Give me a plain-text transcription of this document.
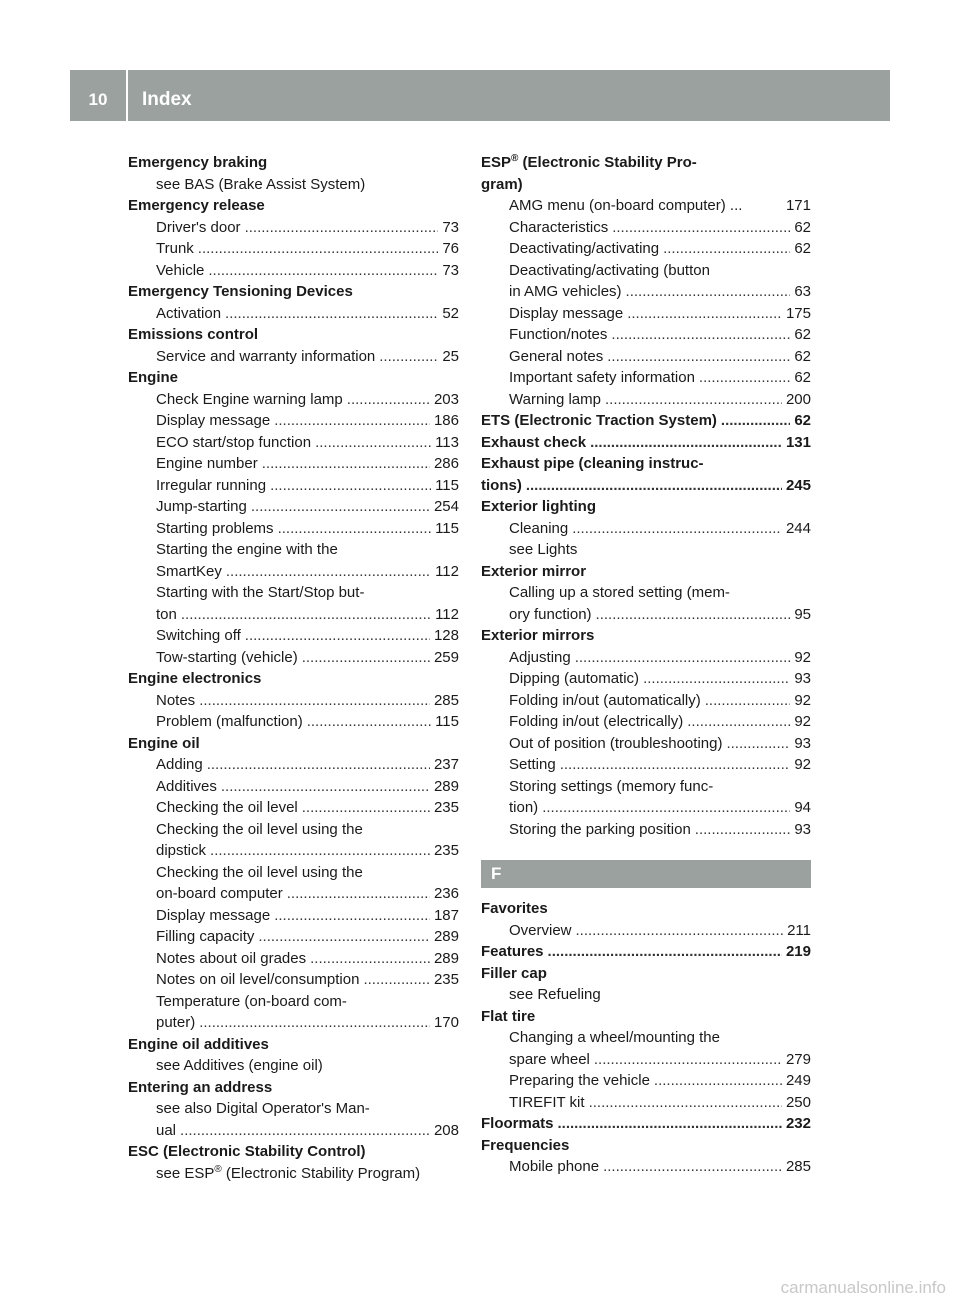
10	Index
Emergency braking
see BAS (Brake Assist System)
Emergency release
Driver's door .....	73
Trunk .....	76
Vehicle .....	73
Emergency Tensioning Devices
Activation .....	52
Emissions control
Service and warranty information .....	25
Engine
Check Engine warning lamp .....	203
Display message .....	186
ECO start/stop function .....	113
Engine number .....	286
Irregular running .....	115
Jump-starting .....	254
Starting problems .....	115
Starting the engine with the
SmartKey .....	112
Starting with the Start/Stop but-
ton .....	112
Switching off .....	128
Tow-starting (vehicle) .....	259
Engine electronics
Notes .....	285
Problem (malfunction) .....	115
Engine oil
Adding .....	237
Additives .....	289
Checking the oil level .....	235
Checking the oil level using the
dipstick .....	235
Checking the oil level using the
on-board computer .....	236
Display message .....	187
Filling capacity .....	289
Notes about oil grades .....	289
Notes on oil level/consumption .....	235
Temperature (on-board com-
puter) .....	170
Engine oil additives
see Additives (engine oil)
Entering an address
see also Digital Operator's Man-
ual .....	208
ESC (Electronic Stability Control)
see ESP® (Electronic Stability Program)
ESP® (Electronic Stability Pro-
gram)
AMG menu (on-board computer) ...	171
Characteristics .....	62
Deactivating/activating .....	62
Deactivating/activating (button
in AMG vehicles) .....	63
Display message .....	175
Function/notes .....	62
General notes .....	62
Important safety information .....	62
Warning lamp .....	200
ETS (Electronic Traction System) .....	62
Exhaust check .....	131
Exhaust pipe (cleaning instruc-
tions) .....	245
Exterior lighting
Cleaning .....	244
see Lights
Exterior mirror
Calling up a stored setting (mem-
ory function) .....	95
Exterior mirrors
Adjusting .....	92
Dipping (automatic) .....	93
Folding in/out (automatically) .....	92
Folding in/out (electrically) .....	92
Out of position (troubleshooting) .....	93
Setting .....	92
Storing settings (memory func-
tion) .....	94
Storing the parking position .....	93
F
Favorites
Overview .....	211
Features .....	219
Filler cap
see Refueling
Flat tire
Changing a wheel/mounting the
spare wheel .....	279
Preparing the vehicle .....	249
TIREFIT kit .....	250
Floormats .....	232
Frequencies
Mobile phone .....	285
carmanualsonline.info
